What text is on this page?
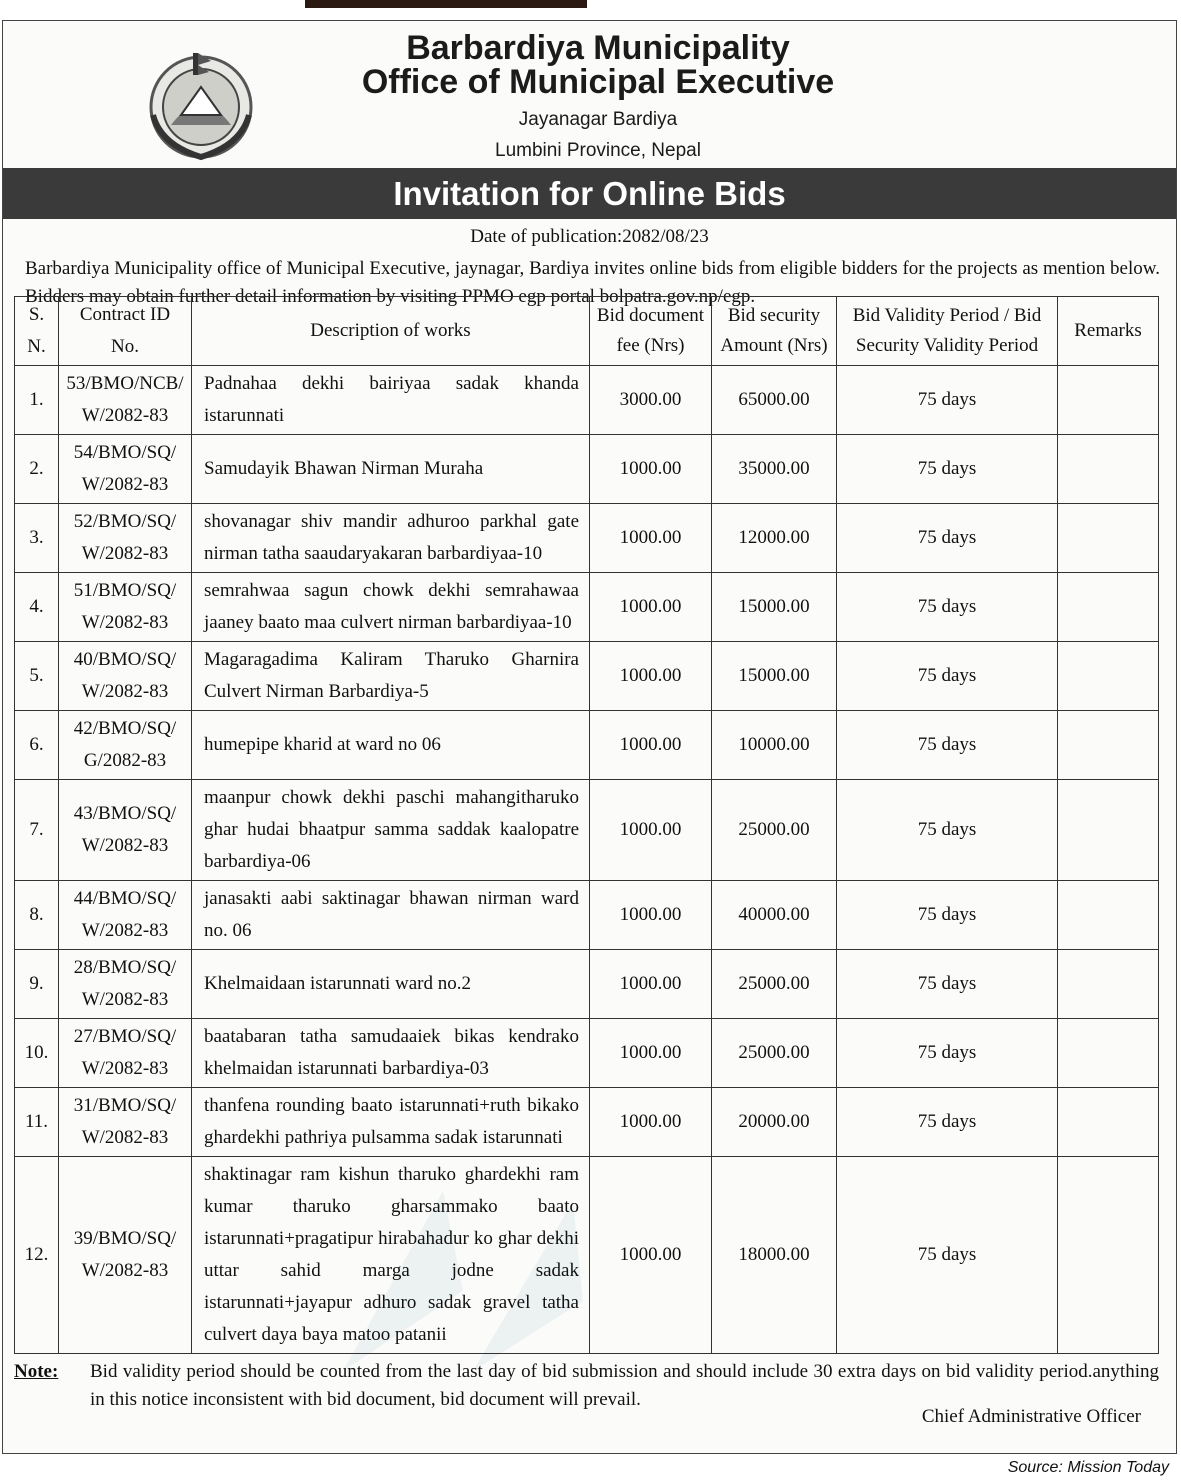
Barbardiya Municipality
Office of Municipal Executive
Jayanagar Bardiya
Lumbini Province, Nepal
Invitation for Online Bids
Date of publication:2082/08/23
Barbardiya Municipality office of Municipal Executive, jaynagar, Bardiya invites online bids from eligible bidders for the projects as mention below. Bidders may obtain further detail information by visiting PPMO egp portal bolpatra.gov.np/egp.
S. N.	Contract ID No.	Description of works	Bid document fee (Nrs)	Bid security Amount (Nrs)	Bid Validity Period / Bid Security Validity Period	Remarks
1.	53/BMO/NCB/ W/2082-83	Padnahaa dekhi bairiyaa sadak khanda istarunnati	3000.00	65000.00	75 days	
2.	54/BMO/SQ/ W/2082-83	Samudayik Bhawan Nirman Muraha	1000.00	35000.00	75 days	
3.	52/BMO/SQ/ W/2082-83	shovanagar shiv mandir adhuroo parkhal gate nirman tatha saaudaryakaran barbardiyaa-10	1000.00	12000.00	75 days	
4.	51/BMO/SQ/ W/2082-83	semrahwaa sagun chowk dekhi semrahawaa jaaney baato maa culvert nirman barbardiyaa-10	1000.00	15000.00	75 days	
5.	40/BMO/SQ/ W/2082-83	Magaragadima Kaliram Tharuko Gharnira Culvert Nirman Barbardiya-5	1000.00	15000.00	75 days	
6.	42/BMO/SQ/ G/2082-83	humepipe kharid at ward no 06	1000.00	10000.00	75 days	
7.	43/BMO/SQ/ W/2082-83	maanpur chowk dekhi paschi mahangitharuko ghar hudai bhaatpur samma saddak kaalopatre barbardiya-06	1000.00	25000.00	75 days	
8.	44/BMO/SQ/ W/2082-83	janasakti aabi saktinagar bhawan nirman ward no. 06	1000.00	40000.00	75 days	
9.	28/BMO/SQ/ W/2082-83	Khelmaidaan istarunnati ward no.2	1000.00	25000.00	75 days	
10.	27/BMO/SQ/ W/2082-83	baatabaran tatha samudaaiek bikas kendrako khelmaidan istarunnati barbardiya-03	1000.00	25000.00	75 days	
11.	31/BMO/SQ/ W/2082-83	thanfena rounding baato istarunnati+ruth bikako ghardekhi pathriya pulsamma sadak istarunnati	1000.00	20000.00	75 days	
12.	39/BMO/SQ/ W/2082-83	shaktinagar ram kishun tharuko ghardekhi ram kumar tharuko gharsammako baato istarunnati+pragatipur hirabahadur ko ghar dekhi uttar sahid marga jodne sadak istarunnati+jayapur adhuro sadak gravel tatha culvert daya baya matoo patanii	1000.00	18000.00	75 days	
Note: Bid validity period should be counted from the last day of bid submission and should include 30 extra days on bid validity period.anything in this notice inconsistent with bid document, bid document will prevail.
Chief Administrative Officer
Source: Mission Today
